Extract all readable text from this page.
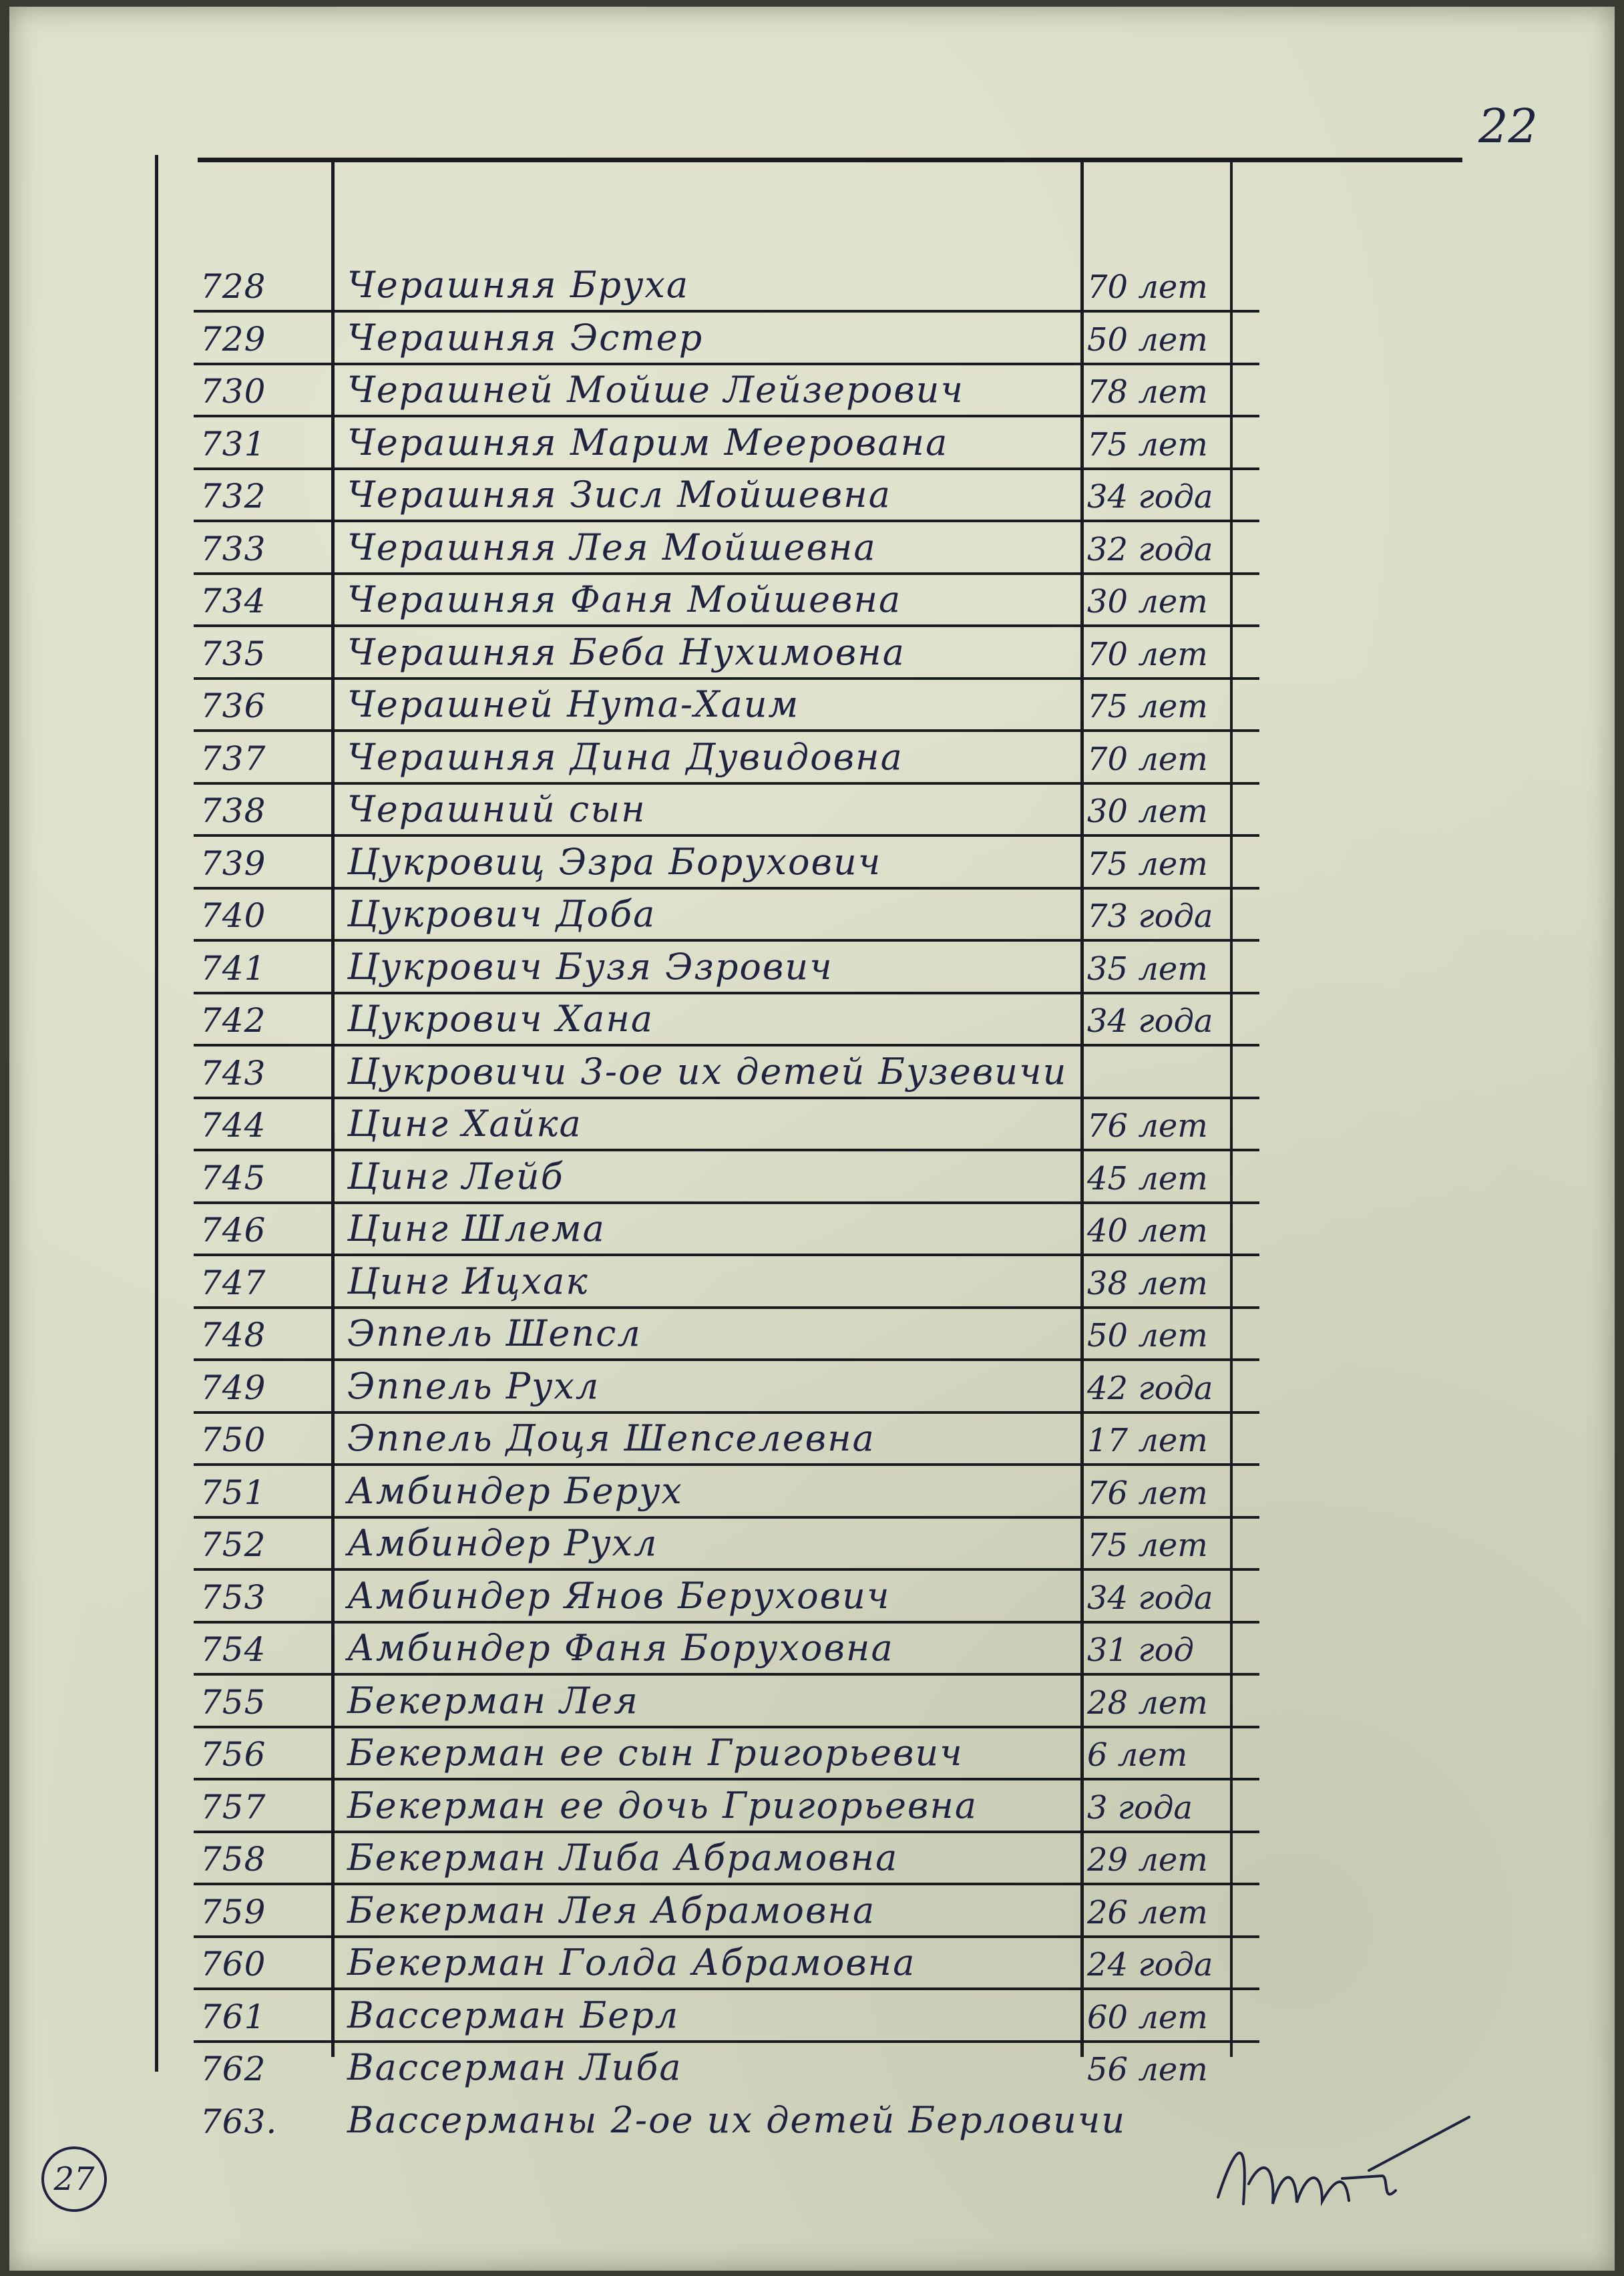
22
728 Черашняя Бруха	70 лет
729 Черашняя Эстер	50 лет
730 Черашней Мойше Лейзерович	78 лет
731 Черашняя Марим Меерована	75 лет
732 Черашняя Зисл Мойшевна	34 года
733 Черашняя Лея Мойшевна	32 года
734 Черашняя Фаня Мойшевна	30 лет
735 Черашняя Беба Нухимовна	70 лет
736 Черашней Нута-Хаим	75 лет
737 Черашняя Дина Дувидовна	70 лет
738 Черашний сын	30 лет
739 Цукровиц Эзра Борухович	75 лет
740 Цукрович Доба	73 года
741 Цукрович Бузя Эзрович	35 лет
742 Цукрович Хана	34 года
743 Цукровичи 3-ое их детей Бузевичи
744 Цинг Хайка	76 лет
745 Цинг Лейб	45 лет
746 Цинг Шлема	40 лет
747 Цинг Ицхак	38 лет
748 Эппель Шепсл	50 лет
749 Эппель Рухл	42 года
750 Эппель Доця Шепселевна	17 лет
751 Амбиндер Берух	76 лет
752 Амбиндер Рухл	75 лет
753 Амбиндер Янов Берухович	34 года
754 Амбиндер Фаня Боруховна	31 год
755 Бекерман Лея	28 лет
756 Бекерман ее сын Григорьевич	6 лет
757 Бекерман ее дочь Григорьевна	3 года
758 Бекерман Либа Абрамовна	29 лет
759 Бекерман Лея Абрамовна	26 лет
760 Бекерман Голда Абрамовна	24 года
761 Вассерман Берл	60 лет
762 Вассерман Либа	56 лет
763. Вассерманы 2-ое их детей Берловичи
27
